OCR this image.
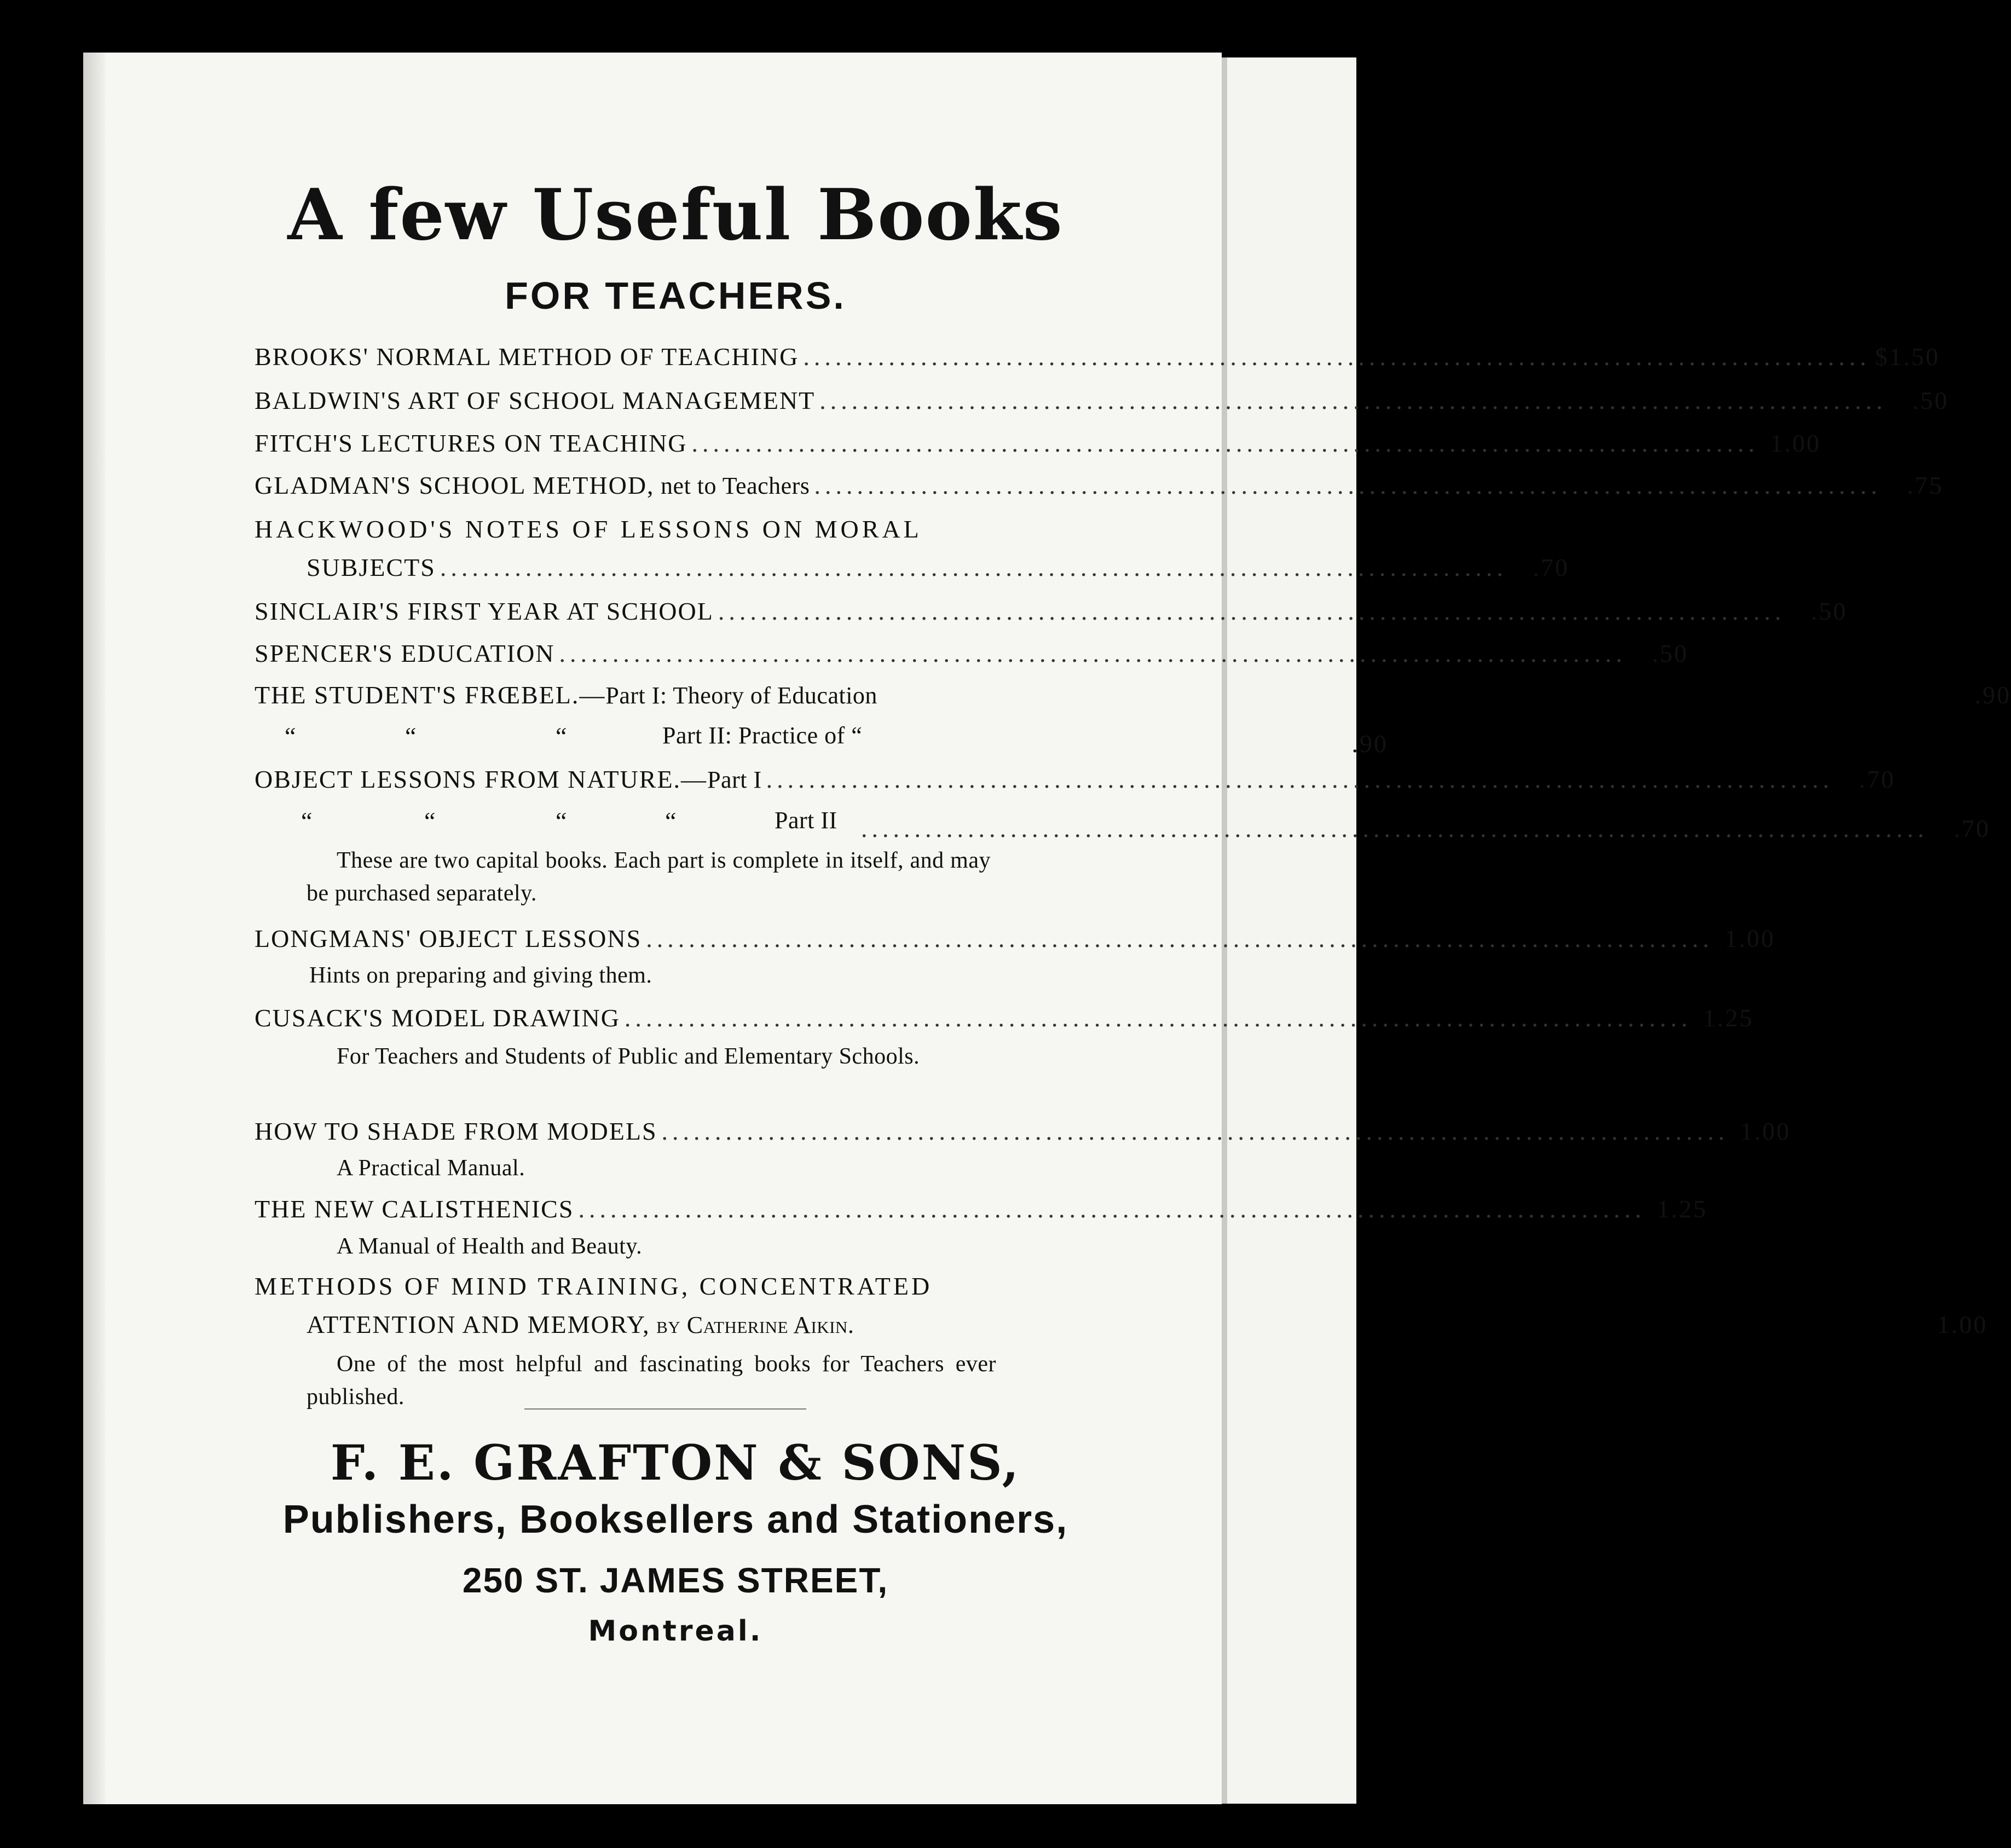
A few Useful Books
FOR TEACHERS.
BROOKS' NORMAL METHOD OF TEACHING .....	$1.50
BALDWIN'S ART OF SCHOOL MANAGEMENT .....	.50
FITCH'S LECTURES ON TEACHING .....	1.00
GLADMAN'S SCHOOL METHOD, net to Teachers .....	.75
HACKWOOD'S NOTES OF LESSONS ON MORAL
SUBJECTS .....	.70
SINCLAIR'S FIRST YEAR AT SCHOOL .....	.50
SPENCER'S EDUCATION .....	.50
THE STUDENT'S FRŒBEL.—Part I: Theory of Education	.90
“	“	“	Part II: Practice of “	.90
OBJECT LESSONS FROM NATURE.—Part I .....	.70
“	“	“	“	Part II .....	.70
These are two capital books. Each part is complete in itself, and may be purchased separately.
LONGMANS' OBJECT LESSONS .....	1.00
Hints on preparing and giving them.
CUSACK'S MODEL DRAWING .....	1.25
For Teachers and Students of Public and Elementary Schools.
HOW TO SHADE FROM MODELS .....	1.00
A Practical Manual.
THE NEW CALISTHENICS .....	1.25
A Manual of Health and Beauty.
METHODS OF MIND TRAINING, CONCENTRATED
ATTENTION AND MEMORY, by Catherine Aikin.	1.00
One of the most helpful and fascinating books for Teachers ever published.
F. E. GRAFTON & SONS,
Publishers, Booksellers and Stationers,
250 ST. JAMES STREET,
Montreal.
